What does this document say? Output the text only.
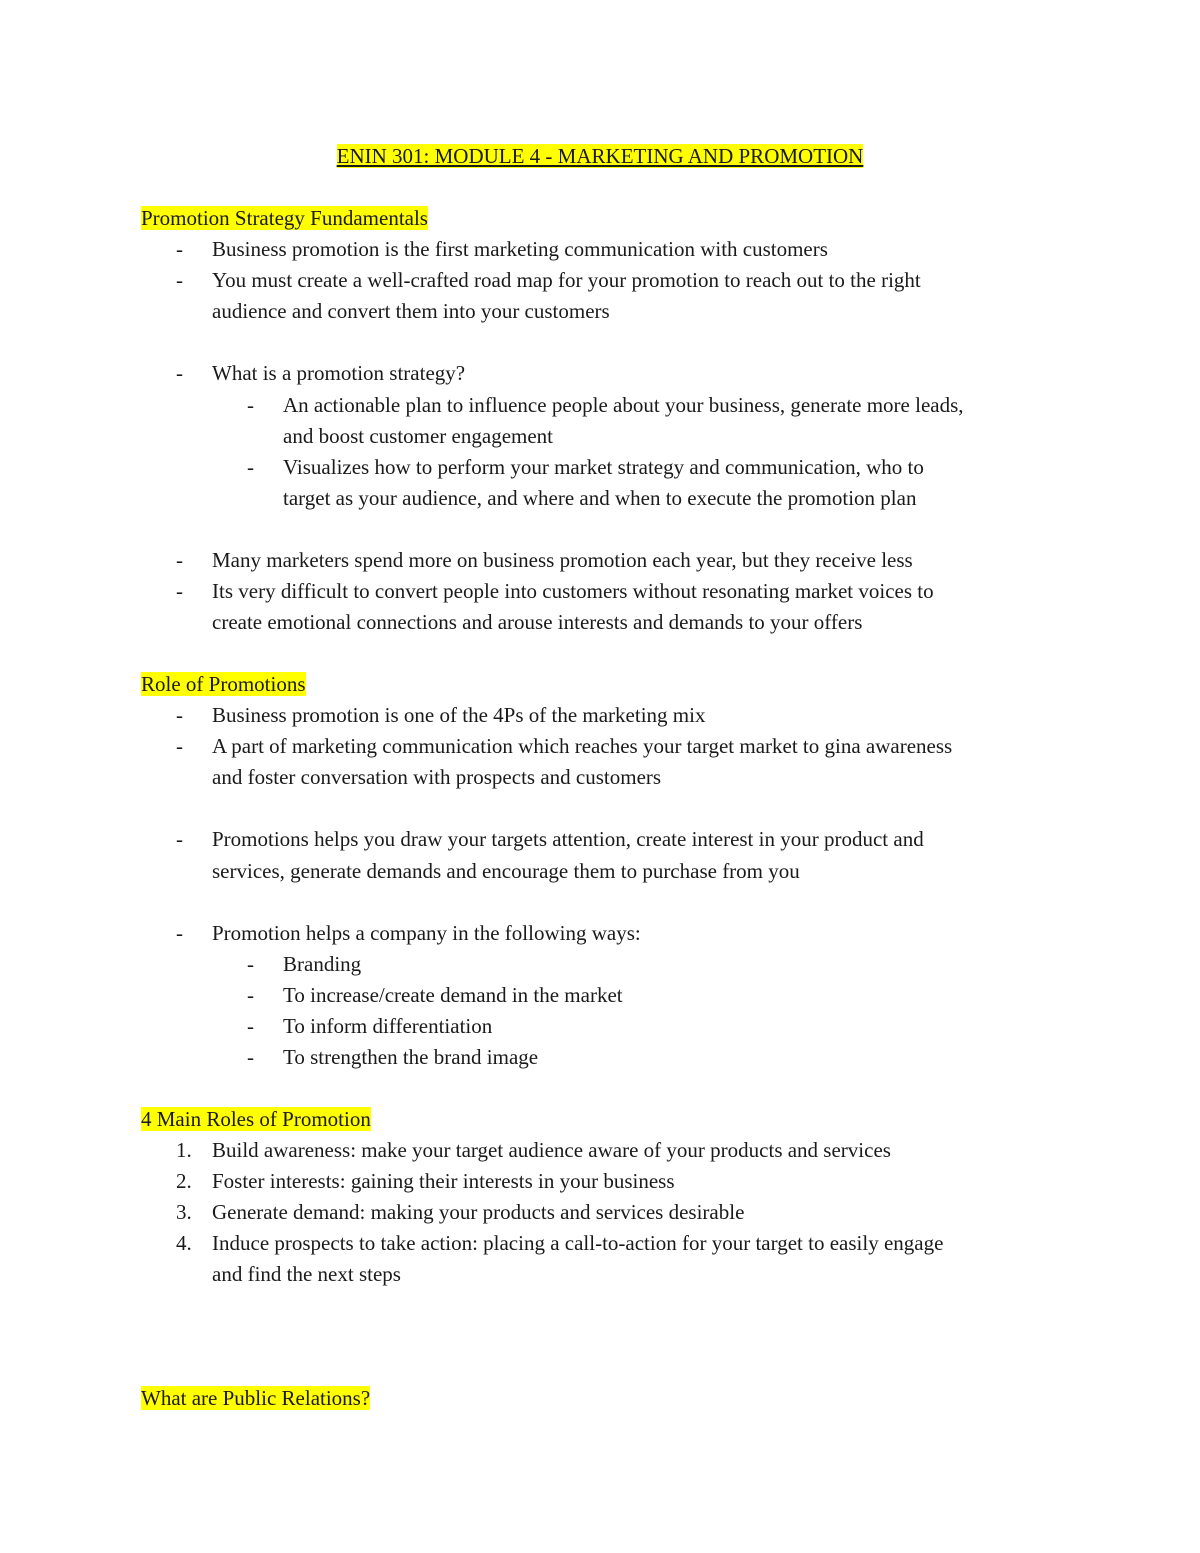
ENIN 301: MODULE 4 - MARKETING AND PROMOTION
Promotion Strategy Fundamentals
- Business promotion is the first marketing communication with customers
- You must create a well-crafted road map for your promotion to reach out to the right
audience and convert them into your customers
- What is a promotion strategy?
- An actionable plan to influence people about your business, generate more leads,
and boost customer engagement
- Visualizes how to perform your market strategy and communication, who to
target as your audience, and where and when to execute the promotion plan
- Many marketers spend more on business promotion each year, but they receive less
- Its very difficult to convert people into customers without resonating market voices to
create emotional connections and arouse interests and demands to your offers
Role of Promotions
- Business promotion is one of the 4Ps of the marketing mix
- A part of marketing communication which reaches your target market to gina awareness
and foster conversation with prospects and customers
- Promotions helps you draw your targets attention, create interest in your product and
services, generate demands and encourage them to purchase from you
- Promotion helps a company in the following ways:
- Branding
- To increase/create demand in the market
- To inform differentiation
- To strengthen the brand image
4 Main Roles of Promotion
1. Build awareness: make your target audience aware of your products and services
2. Foster interests: gaining their interests in your business
3. Generate demand: making your products and services desirable
4. Induce prospects to take action: placing a call-to-action for your target to easily engage
and find the next steps
What are Public Relations?
